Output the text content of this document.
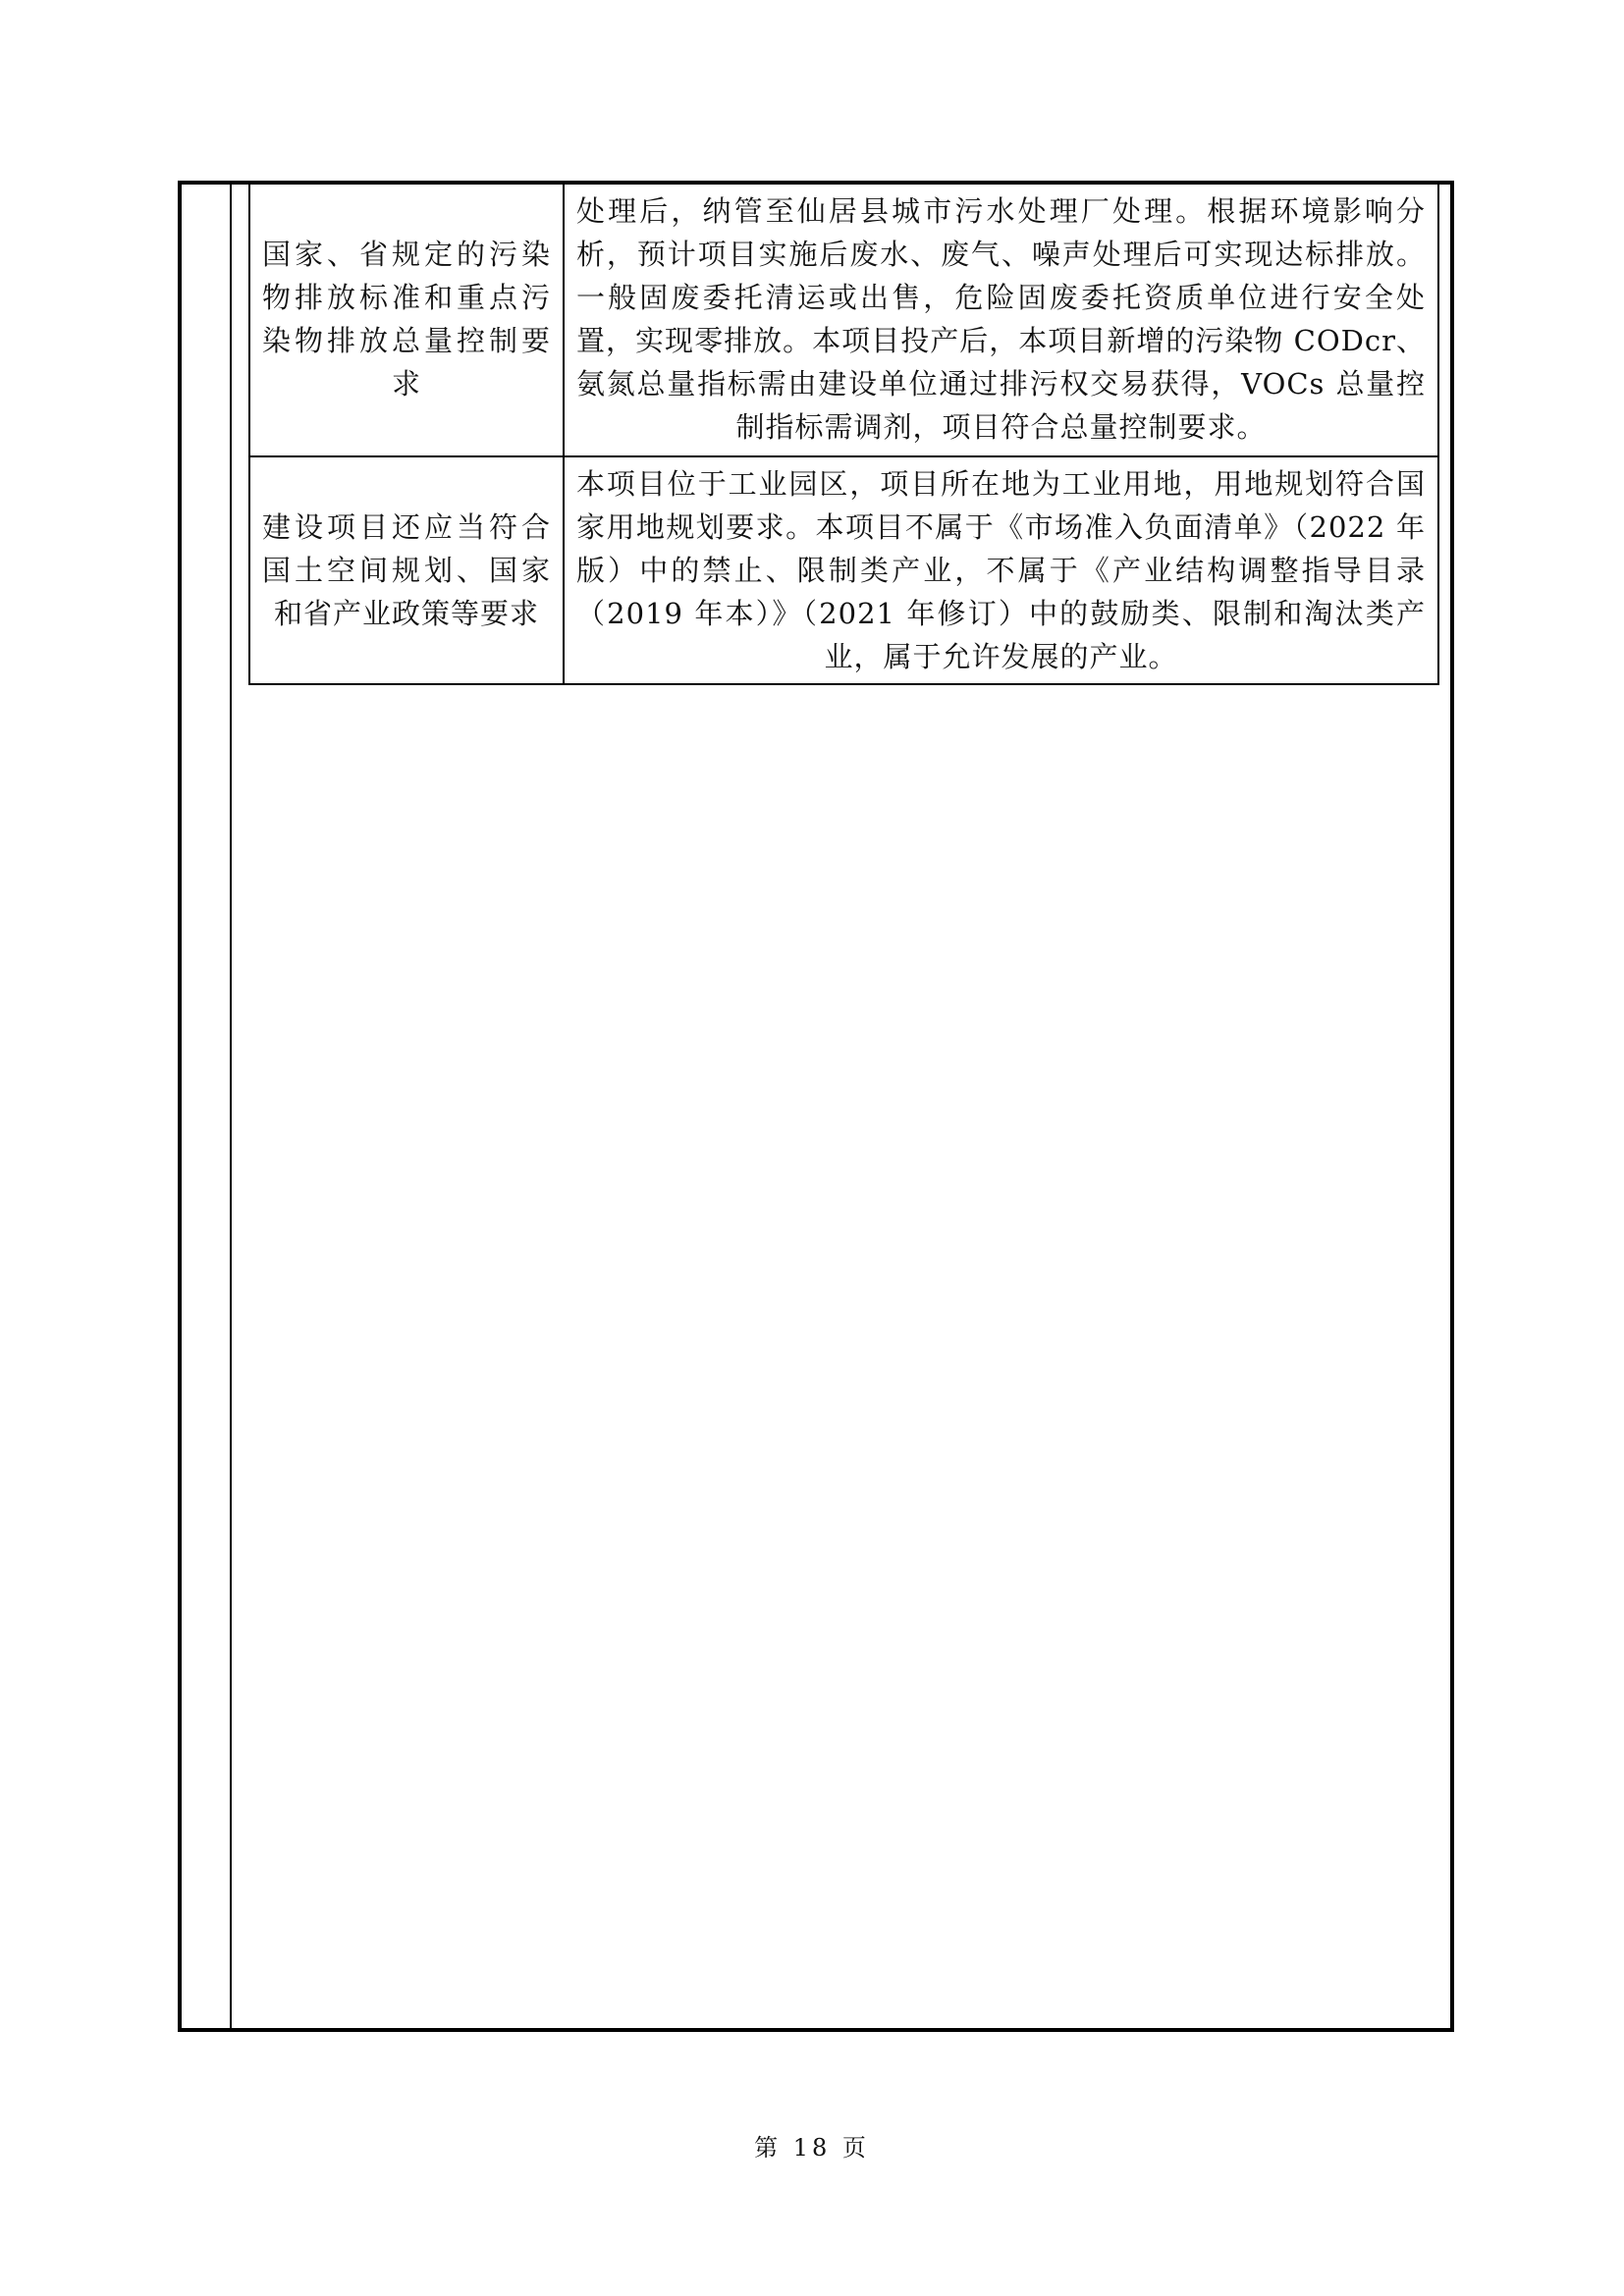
国家、省规定的污染物排放标准和重点污染物排放总量控制要求	处理后，纳管至仙居县城市污水处理厂处理。根据环境影响分析，预计项目实施后废水、废气、噪声处理后可实现达标排放。一般固废委托清运或出售，危险固废委托资质单位进行安全处置，实现零排放。本项目投产后，本项目新增的污染物 CODcr、氨氮总量指标需由建设单位通过排污权交易获得，VOCs 总量控制指标需调剂，项目符合总量控制要求。
建设项目还应当符合国土空间规划、国家和省产业政策等要求	本项目位于工业园区，项目所在地为工业用地，用地规划符合国家用地规划要求。本项目不属于《市场准入负面清单》（2022 年版）中的禁止、限制类产业，不属于《产业结构调整指导目录（2019 年本）》（2021 年修订）中的鼓励类、限制和淘汰类产业，属于允许发展的产业。
第 18 页
